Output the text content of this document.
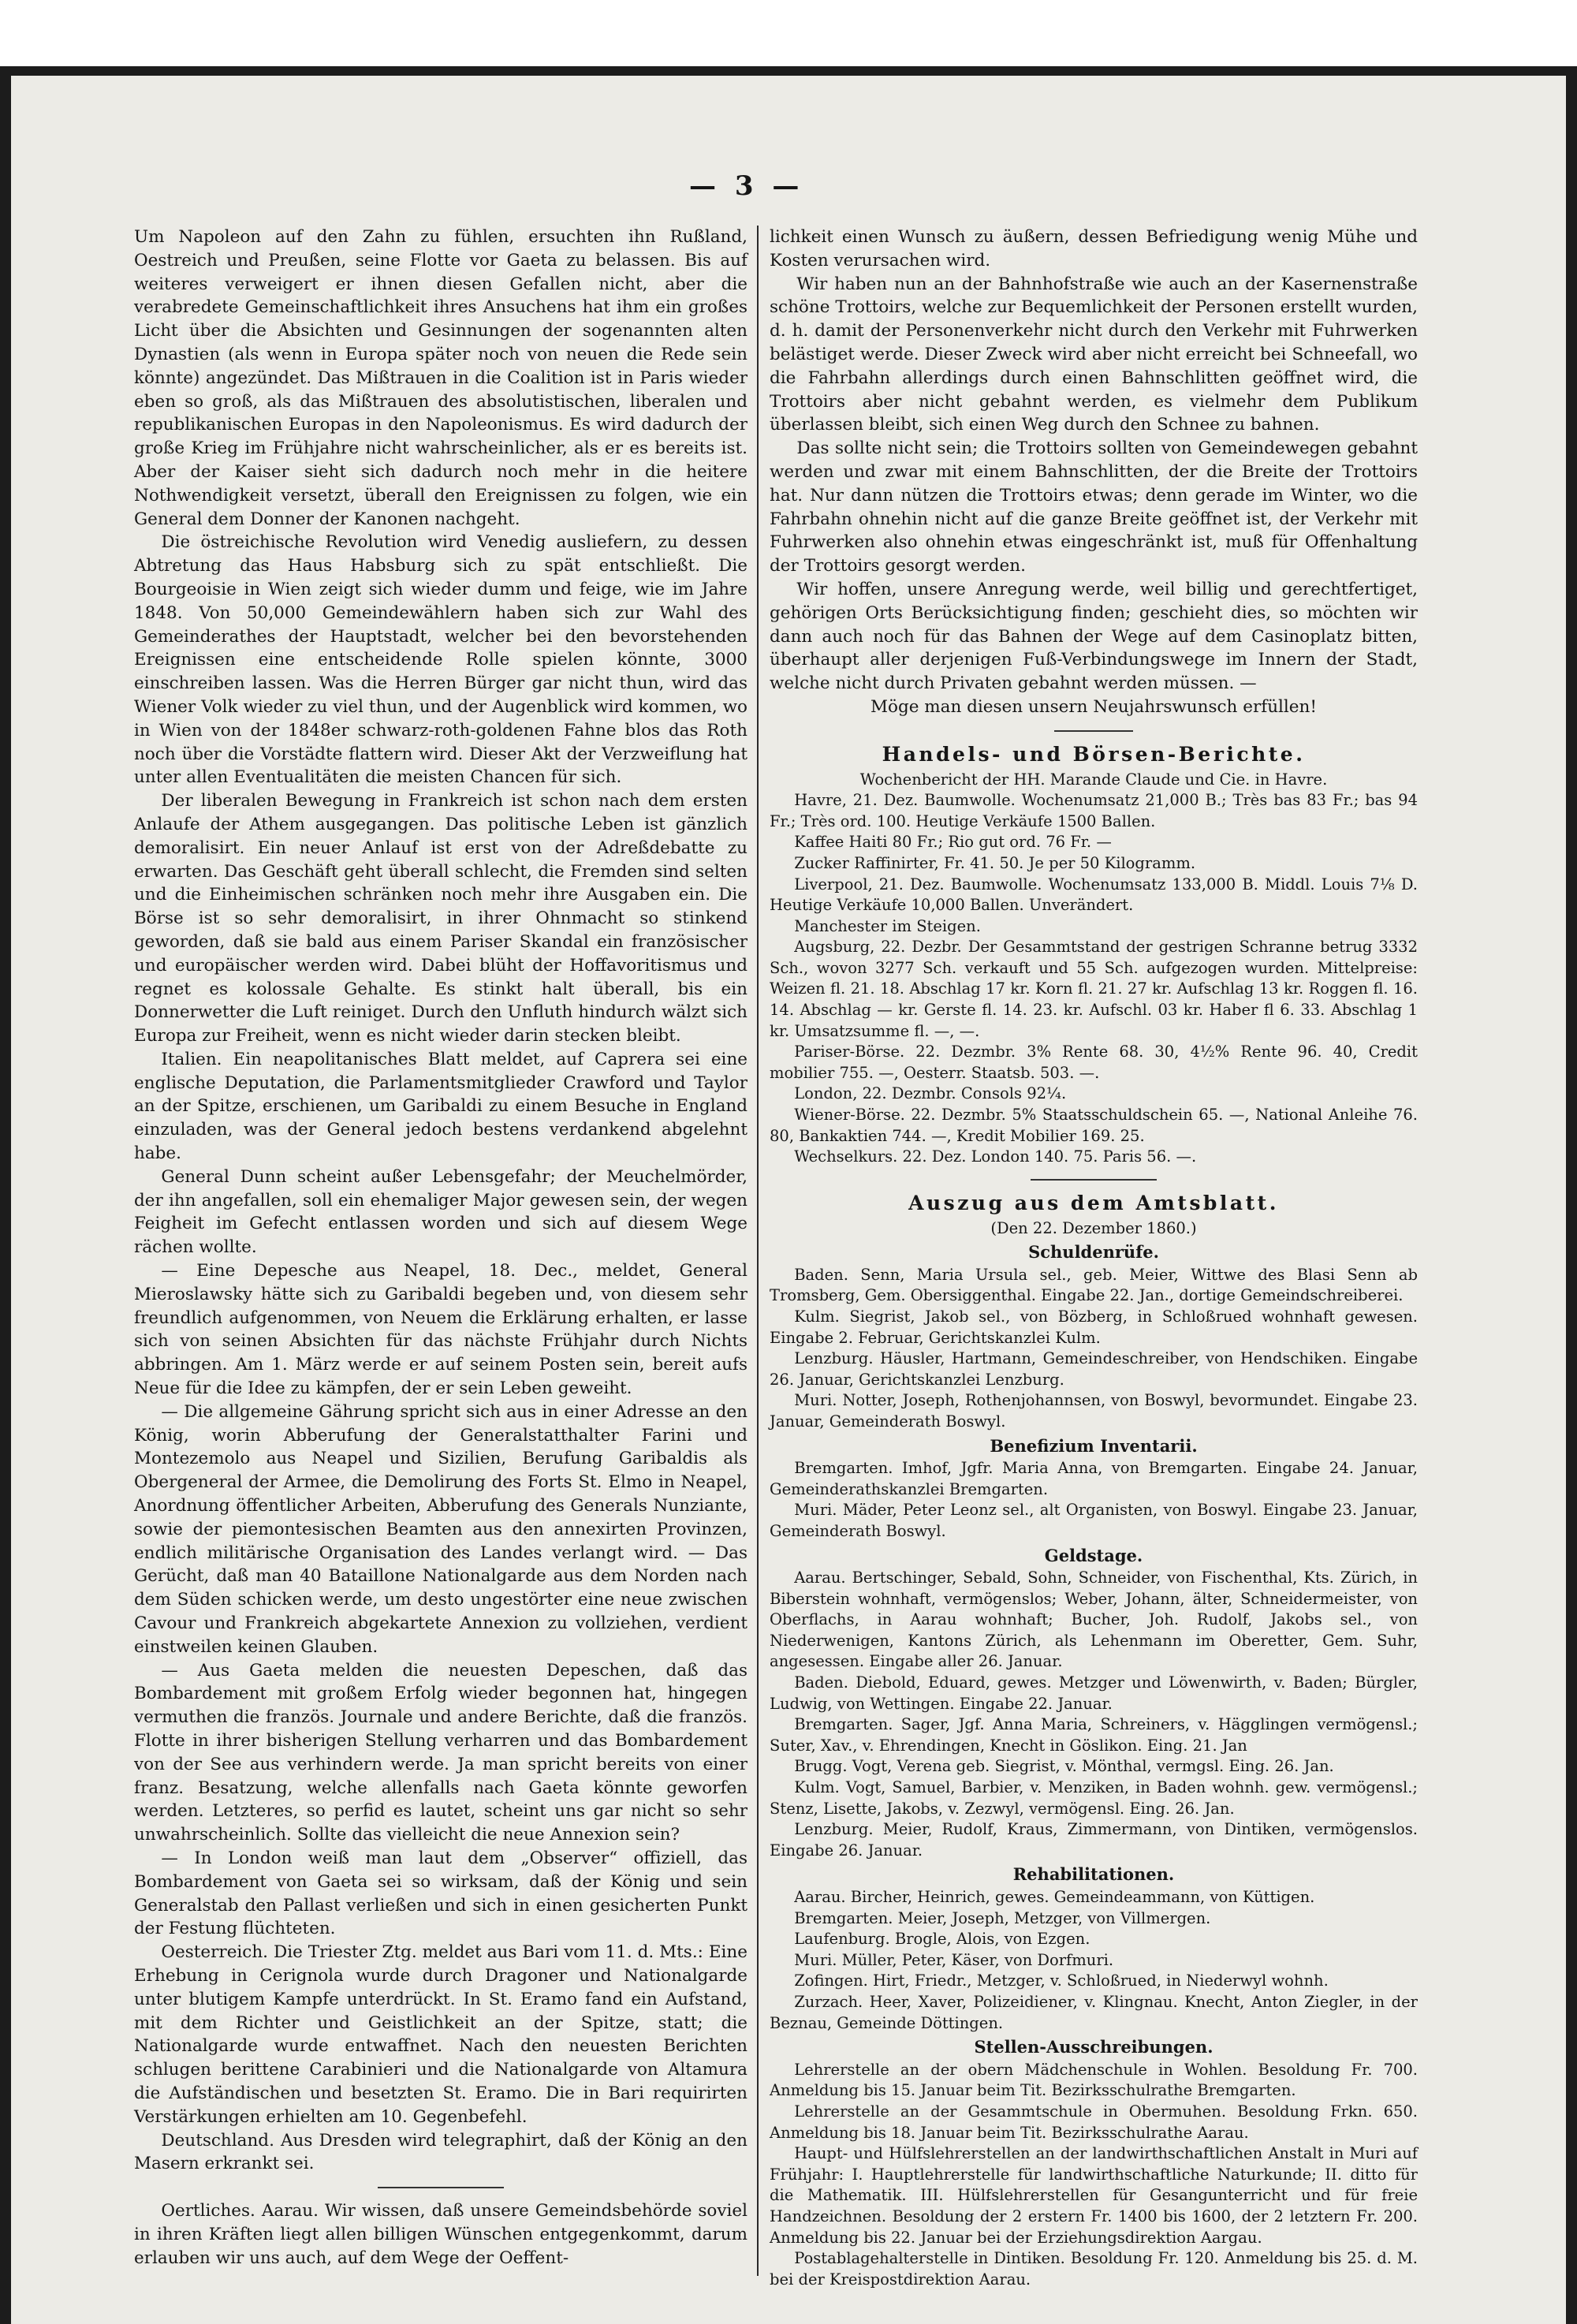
— 3 —

Um Napoleon auf den Zahn zu fühlen, ersuchten ihn Rußland, Oestreich und Preußen, seine Flotte vor Gaeta zu belassen. Bis auf weiteres verweigert er ihnen diesen Gefallen nicht, aber die verabredete Gemeinschaftlichkeit ihres Ansuchens hat ihm ein großes Licht über die Absichten und Gesinnungen der sogenannten alten Dynastien (als wenn in Europa später noch von neuen die Rede sein könnte) angezündet. Das Mißtrauen in die Coalition ist in Paris wieder eben so groß, als das Mißtrauen des absolutistischen, liberalen und republikanischen Europas in den Napoleonismus. Es wird dadurch der große Krieg im Frühjahre nicht wahrscheinlicher, als er es bereits ist. Aber der Kaiser sieht sich dadurch noch mehr in die heitere Nothwendigkeit versetzt, überall den Ereignissen zu folgen, wie ein General dem Donner der Kanonen nachgeht.

Die östreichische Revolution wird Venedig ausliefern, zu dessen Abtretung das Haus Habsburg sich zu spät entschließt. Die Bourgeoisie in Wien zeigt sich wieder dumm und feige, wie im Jahre 1848. Von 50,000 Gemeindewählern haben sich zur Wahl des Gemeinderathes der Hauptstadt, welcher bei den bevorstehenden Ereignissen eine entscheidende Rolle spielen könnte, 3000 einschreiben lassen. Was die Herren Bürger gar nicht thun, wird das Wiener Volk wieder zu viel thun, und der Augenblick wird kommen, wo in Wien von der 1848er schwarz-roth-goldenen Fahne blos das Roth noch über die Vorstädte flattern wird. Dieser Akt der Verzweiflung hat unter allen Eventualitäten die meisten Chancen für sich.

Der liberalen Bewegung in Frankreich ist schon nach dem ersten Anlaufe der Athem ausgegangen. Das politische Leben ist gänzlich demoralisirt. Ein neuer Anlauf ist erst von der Adreßdebatte zu erwarten. Das Geschäft geht überall schlecht, die Fremden sind selten und die Einheimischen schränken noch mehr ihre Ausgaben ein. Die Börse ist so sehr demoralisirt, in ihrer Ohnmacht so stinkend geworden, daß sie bald aus einem Pariser Skandal ein französischer und europäischer werden wird. Dabei blüht der Hoffavoritismus und regnet es kolossale Gehalte. Es stinkt halt überall, bis ein Donnerwetter die Luft reiniget. Durch den Unfluth hindurch wälzt sich Europa zur Freiheit, wenn es nicht wieder darin stecken bleibt.

Italien. Ein neapolitanisches Blatt meldet, auf Caprera sei eine englische Deputation, die Parlamentsmitglieder Crawford und Taylor an der Spitze, erschienen, um Garibaldi zu einem Besuche in England einzuladen, was der General jedoch bestens verdankend abgelehnt habe.

General Dunn scheint außer Lebensgefahr; der Meuchelmörder, der ihn angefallen, soll ein ehemaliger Major gewesen sein, der wegen Feigheit im Gefecht entlassen worden und sich auf diesem Wege rächen wollte.

— Eine Depesche aus Neapel, 18. Dec., meldet, General Mieroslawsky hätte sich zu Garibaldi begeben und, von diesem sehr freundlich aufgenommen, von Neuem die Erklärung erhalten, er lasse sich von seinen Absichten für das nächste Frühjahr durch Nichts abbringen. Am 1. März werde er auf seinem Posten sein, bereit aufs Neue für die Idee zu kämpfen, der er sein Leben geweiht.

— Die allgemeine Gährung spricht sich aus in einer Adresse an den König, worin Abberufung der Generalstatthalter Farini und Montezemolo aus Neapel und Sizilien, Berufung Garibaldis als Obergeneral der Armee, die Demolirung des Forts St. Elmo in Neapel, Anordnung öffentlicher Arbeiten, Abberufung des Generals Nunziante, sowie der piemontesischen Beamten aus den annexirten Provinzen, endlich militärische Organisation des Landes verlangt wird. — Das Gerücht, daß man 40 Bataillone Nationalgarde aus dem Norden nach dem Süden schicken werde, um desto ungestörter eine neue zwischen Cavour und Frankreich abgekartete Annexion zu vollziehen, verdient einstweilen keinen Glauben.

— Aus Gaeta melden die neuesten Depeschen, daß das Bombardement mit großem Erfolg wieder begonnen hat, hingegen vermuthen die französ. Journale und andere Berichte, daß die französ. Flotte in ihrer bisherigen Stellung verharren und das Bombardement von der See aus verhindern werde. Ja man spricht bereits von einer franz. Besatzung, welche allenfalls nach Gaeta könnte geworfen werden. Letzteres, so perfid es lautet, scheint uns gar nicht so sehr unwahrscheinlich. Sollte das vielleicht die neue Annexion sein?

— In London weiß man laut dem „Observer“ offiziell, das Bombardement von Gaeta sei so wirksam, daß der König und sein Generalstab den Pallast verließen und sich in einen gesicherten Punkt der Festung flüchteten.

Oesterreich. Die Triester Ztg. meldet aus Bari vom 11. d. Mts.: Eine Erhebung in Cerignola wurde durch Dragoner und Nationalgarde unter blutigem Kampfe unterdrückt. In St. Eramo fand ein Aufstand, mit dem Richter und Geistlichkeit an der Spitze, statt; die Nationalgarde wurde entwaffnet. Nach den neuesten Berichten schlugen berittene Carabinieri und die Nationalgarde von Altamura die Aufständischen und besetzten St. Eramo. Die in Bari requirirten Verstärkungen erhielten am 10. Gegenbefehl.

Deutschland. Aus Dresden wird telegraphirt, daß der König an den Masern erkrankt sei.

Oertliches. Aarau. Wir wissen, daß unsere Gemeindsbehörde soviel in ihren Kräften liegt allen billigen Wünschen entgegenkommt, darum erlauben wir uns auch, auf dem Wege der Oeffent-

lichkeit einen Wunsch zu äußern, dessen Befriedigung wenig Mühe und Kosten verursachen wird.

Wir haben nun an der Bahnhofstraße wie auch an der Kasernenstraße schöne Trottoirs, welche zur Bequemlichkeit der Personen erstellt wurden, d. h. damit der Personenverkehr nicht durch den Verkehr mit Fuhrwerken belästiget werde. Dieser Zweck wird aber nicht erreicht bei Schneefall, wo die Fahrbahn allerdings durch einen Bahnschlitten geöffnet wird, die Trottoirs aber nicht gebahnt werden, es vielmehr dem Publikum überlassen bleibt, sich einen Weg durch den Schnee zu bahnen.

Das sollte nicht sein; die Trottoirs sollten von Gemeindewegen gebahnt werden und zwar mit einem Bahnschlitten, der die Breite der Trottoirs hat. Nur dann nützen die Trottoirs etwas; denn gerade im Winter, wo die Fahrbahn ohnehin nicht auf die ganze Breite geöffnet ist, der Verkehr mit Fuhrwerken also ohnehin etwas eingeschränkt ist, muß für Offenhaltung der Trottoirs gesorgt werden.

Wir hoffen, unsere Anregung werde, weil billig und gerechtfertiget, gehörigen Orts Berücksichtigung finden; geschieht dies, so möchten wir dann auch noch für das Bahnen der Wege auf dem Casinoplatz bitten, überhaupt aller derjenigen Fuß-Verbindungswege im Innern der Stadt, welche nicht durch Privaten gebahnt werden müssen. —

Möge man diesen unsern Neujahrswunsch erfüllen!

Handels- und Börsen-Berichte.

Wochenbericht der HH. Marande Claude und Cie. in Havre.

Havre, 21. Dez. Baumwolle. Wochenumsatz 21,000 B.; Très bas 83 Fr.; bas 94 Fr.; Très ord. 100. Heutige Verkäufe 1500 Ballen.

Kaffee Haiti 80 Fr.; Rio gut ord. 76 Fr. —

Zucker Raffinirter, Fr. 41. 50. Je per 50 Kilogramm.

Liverpool, 21. Dez. Baumwolle. Wochenumsatz 133,000 B. Middl. Louis 7⅛ D. Heutige Verkäufe 10,000 Ballen. Unverändert.

Manchester im Steigen.

Augsburg, 22. Dezbr. Der Gesammtstand der gestrigen Schranne betrug 3332 Sch., wovon 3277 Sch. verkauft und 55 Sch. aufgezogen wurden. Mittelpreise: Weizen fl. 21. 18. Abschlag 17 kr. Korn fl. 21. 27 kr. Aufschlag 13 kr. Roggen fl. 16. 14. Abschlag — kr. Gerste fl. 14. 23. kr. Aufschl. 03 kr. Haber fl 6. 33. Abschlag 1 kr. Umsatzsumme fl. —, —.

Pariser-Börse. 22. Dezmbr. 3% Rente 68. 30, 4½% Rente 96. 40, Credit mobilier 755. —, Oesterr. Staatsb. 503. —.

London, 22. Dezmbr. Consols 92¼.

Wiener-Börse. 22. Dezmbr. 5% Staatsschuldschein 65. —, National Anleihe 76. 80, Bankaktien 744. —, Kredit Mobilier 169. 25.

Wechselkurs. 22. Dez. London 140. 75. Paris 56. —.

Auszug aus dem Amtsblatt.
(Den 22. Dezember 1860.)
Schuldenrüfe.

Baden. Senn, Maria Ursula sel., geb. Meier, Wittwe des Blasi Senn ab Tromsberg, Gem. Obersiggenthal. Eingabe 22. Jan., dortige Gemeindschreiberei.

Kulm. Siegrist, Jakob sel., von Bözberg, in Schloßrued wohnhaft gewesen. Eingabe 2. Februar, Gerichtskanzlei Kulm.

Lenzburg. Häusler, Hartmann, Gemeindeschreiber, von Hendschiken. Eingabe 26. Januar, Gerichtskanzlei Lenzburg.

Muri. Notter, Joseph, Rothenjohannsen, von Boswyl, bevormundet. Eingabe 23. Januar, Gemeinderath Boswyl.

Benefizium Inventarii.

Bremgarten. Imhof, Jgfr. Maria Anna, von Bremgarten. Eingabe 24. Januar, Gemeinderathskanzlei Bremgarten.

Muri. Mäder, Peter Leonz sel., alt Organisten, von Boswyl. Eingabe 23. Januar, Gemeinderath Boswyl.

Geldstage.

Aarau. Bertschinger, Sebald, Sohn, Schneider, von Fischenthal, Kts. Zürich, in Biberstein wohnhaft, vermögenslos; Weber, Johann, älter, Schneidermeister, von Oberflachs, in Aarau wohnhaft; Bucher, Joh. Rudolf, Jakobs sel., von Niederwenigen, Kantons Zürich, als Lehenmann im Oberetter, Gem. Suhr, angesessen. Eingabe aller 26. Januar.

Baden. Diebold, Eduard, gewes. Metzger und Löwenwirth, v. Baden; Bürgler, Ludwig, von Wettingen. Eingabe 22. Januar.

Bremgarten. Sager, Jgf. Anna Maria, Schreiners, v. Hägglingen vermögensl.; Suter, Xav., v. Ehrendingen, Knecht in Göslikon. Eing. 21. Jan

Brugg. Vogt, Verena geb. Siegrist, v. Mönthal, vermgsl. Eing. 26. Jan.

Kulm. Vogt, Samuel, Barbier, v. Menziken, in Baden wohnh. gew. vermögensl.; Stenz, Lisette, Jakobs, v. Zezwyl, vermögensl. Eing. 26. Jan.

Lenzburg. Meier, Rudolf, Kraus, Zimmermann, von Dintiken, vermögenslos. Eingabe 26. Januar.

Rehabilitationen.

Aarau. Bircher, Heinrich, gewes. Gemeindeammann, von Küttigen.

Bremgarten. Meier, Joseph, Metzger, von Villmergen.

Laufenburg. Brogle, Alois, von Ezgen.

Muri. Müller, Peter, Käser, von Dorfmuri.

Zofingen. Hirt, Friedr., Metzger, v. Schloßrued, in Niederwyl wohnh.

Zurzach. Heer, Xaver, Polizeidiener, v. Klingnau. Knecht, Anton Ziegler, in der Beznau, Gemeinde Döttingen.

Stellen-Ausschreibungen.

Lehrerstelle an der obern Mädchenschule in Wohlen. Besoldung Fr. 700. Anmeldung bis 15. Januar beim Tit. Bezirksschulrathe Bremgarten.

Lehrerstelle an der Gesammtschule in Obermuhen. Besoldung Frkn. 650. Anmeldung bis 18. Januar beim Tit. Bezirksschulrathe Aarau.

Haupt- und Hülfslehrerstellen an der landwirthschaftlichen Anstalt in Muri auf Frühjahr: I. Hauptlehrerstelle für landwirthschaftliche Naturkunde; II. ditto für die Mathematik. III. Hülfslehrerstellen für Gesangunterricht und für freie Handzeichnen. Besoldung der 2 erstern Fr. 1400 bis 1600, der 2 letztern Fr. 200. Anmeldung bis 22. Januar bei der Erziehungsdirektion Aargau.

Postablagehalterstelle in Dintiken. Besoldung Fr. 120. Anmeldung bis 25. d. M. bei der Kreispostdirektion Aarau.
